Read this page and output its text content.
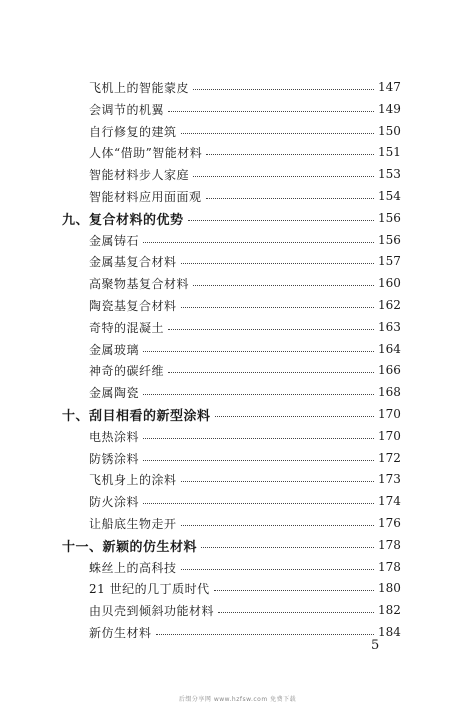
飞机上的智能蒙皮	147
会调节的机翼	149
自行修复的建筑	150
人体“借助”智能材料	151
智能材料步人家庭	153
智能材料应用面面观	154
九、复合材料的优势	156
金属铸石	156
金属基复合材料	157
高聚物基复合材料	160
陶瓷基复合材料	162
奇特的混凝土	163
金属玻璃	164
神奇的碳纤维	166
金属陶瓷	168
十、刮目相看的新型涂料	170
电热涂料	170
防锈涂料	172
飞机身上的涂料	173
防火涂料	174
让船底生物走开	176
十一、新颖的仿生材料	178
蛛丝上的高科技	178
21 世纪的几丁质时代	180
由贝壳到倾斜功能材料	182
新仿生材料	184
5
后缀分享网 www.hzfsw.com 免费下载
